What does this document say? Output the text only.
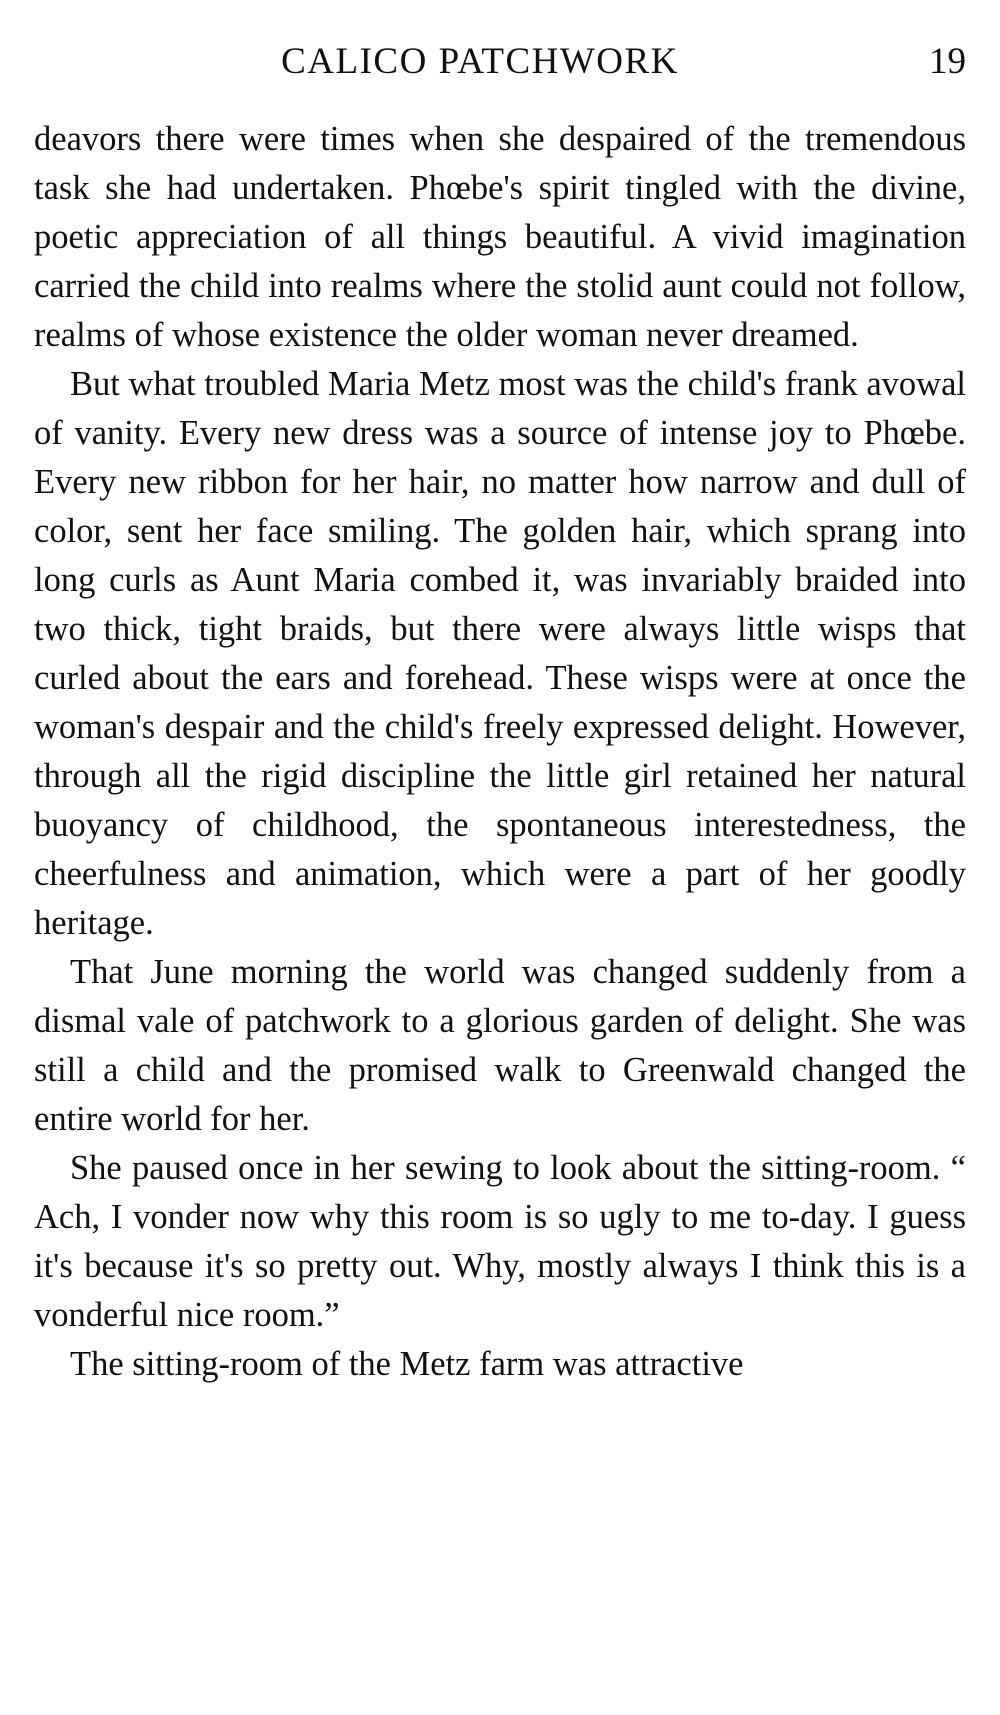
CALICO PATCHWORK	19

deavors there were times when she despaired of the tremendous task she had undertaken. Phœbe's spirit tingled with the divine, poetic appreciation of all things beautiful. A vivid imagination carried the child into realms where the stolid aunt could not follow, realms of whose existence the older woman never dreamed.

But what troubled Maria Metz most was the child's frank avowal of vanity. Every new dress was a source of intense joy to Phœbe. Every new ribbon for her hair, no matter how narrow and dull of color, sent her face smiling. The golden hair, which sprang into long curls as Aunt Maria combed it, was invariably braided into two thick, tight braids, but there were always little wisps that curled about the ears and forehead. These wisps were at once the woman's despair and the child's freely expressed delight. However, through all the rigid discipline the little girl retained her natural buoyancy of childhood, the spontaneous interestedness, the cheerfulness and animation, which were a part of her goodly heritage.

That June morning the world was changed suddenly from a dismal vale of patchwork to a glorious garden of delight. She was still a child and the promised walk to Greenwald changed the entire world for her.

She paused once in her sewing to look about the sitting-room. “ Ach, I vonder now why this room is so ugly to me to-day. I guess it's because it's so pretty out. Why, mostly always I think this is a vonderful nice room.”

The sitting-room of the Metz farm was attractive
